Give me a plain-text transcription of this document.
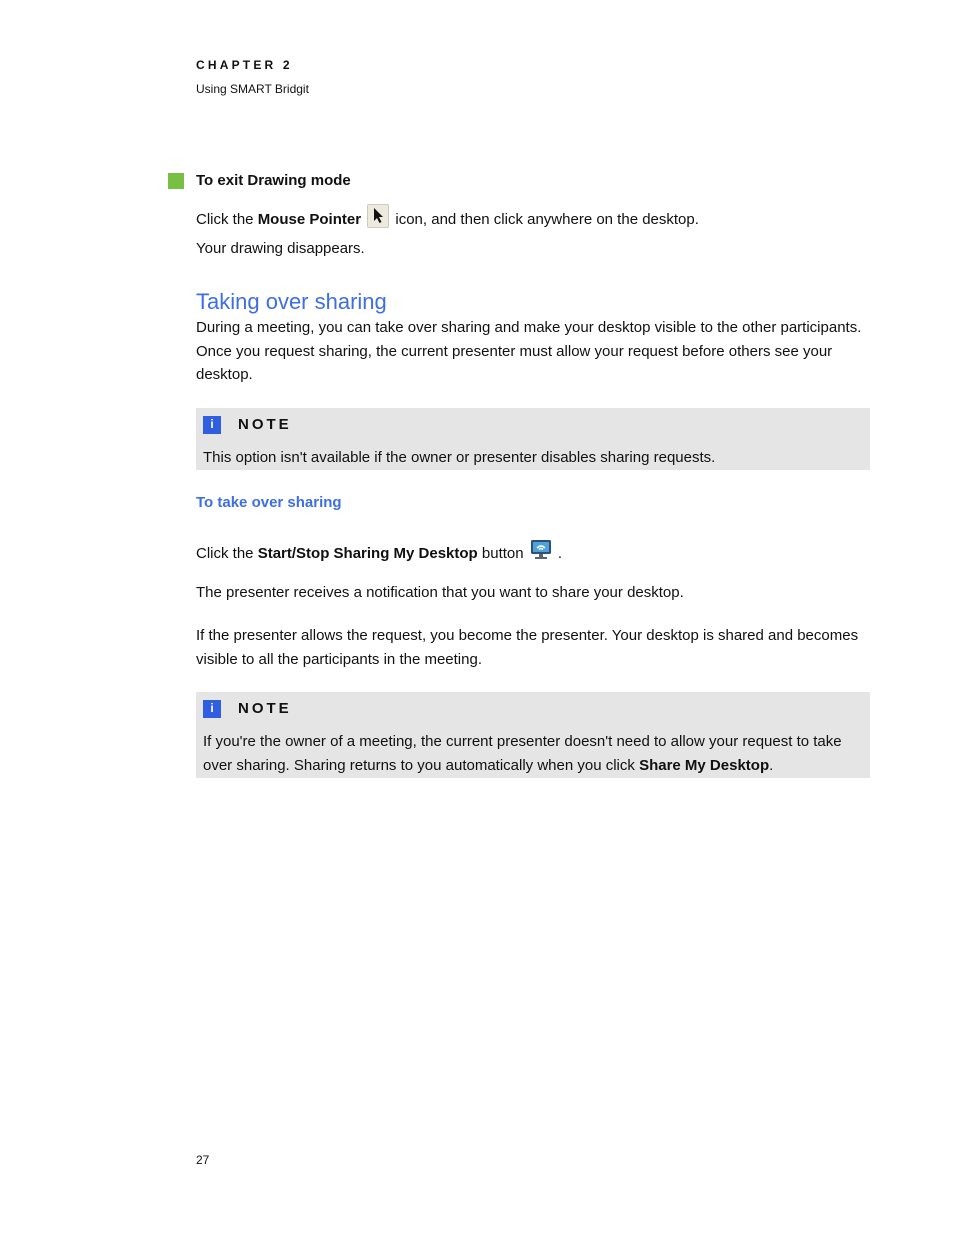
CHAPTER 2
Using SMART Bridgit
To exit Drawing mode
Click the Mouse Pointer
icon, and then click anywhere on the desktop.
Your drawing disappears.
Taking over sharing
During a meeting, you can take over sharing and make your desktop visible to the other participants.
Once you request sharing, the current presenter must allow your request before others see your
desktop.
i	NOTE
This option isn't available if the owner or presenter disables sharing requests.
To take over sharing
Click the Start/Stop Sharing My Desktop button  .
The presenter receives a notification that you want to share your desktop.
If the presenter allows the request, you become the presenter. Your desktop is shared and becomes
visible to all the participants in the meeting.
i	NOTE
If you're the owner of a meeting, the current presenter doesn't need to allow your request to take
over sharing. Sharing returns to you automatically when you click Share My Desktop.
27
